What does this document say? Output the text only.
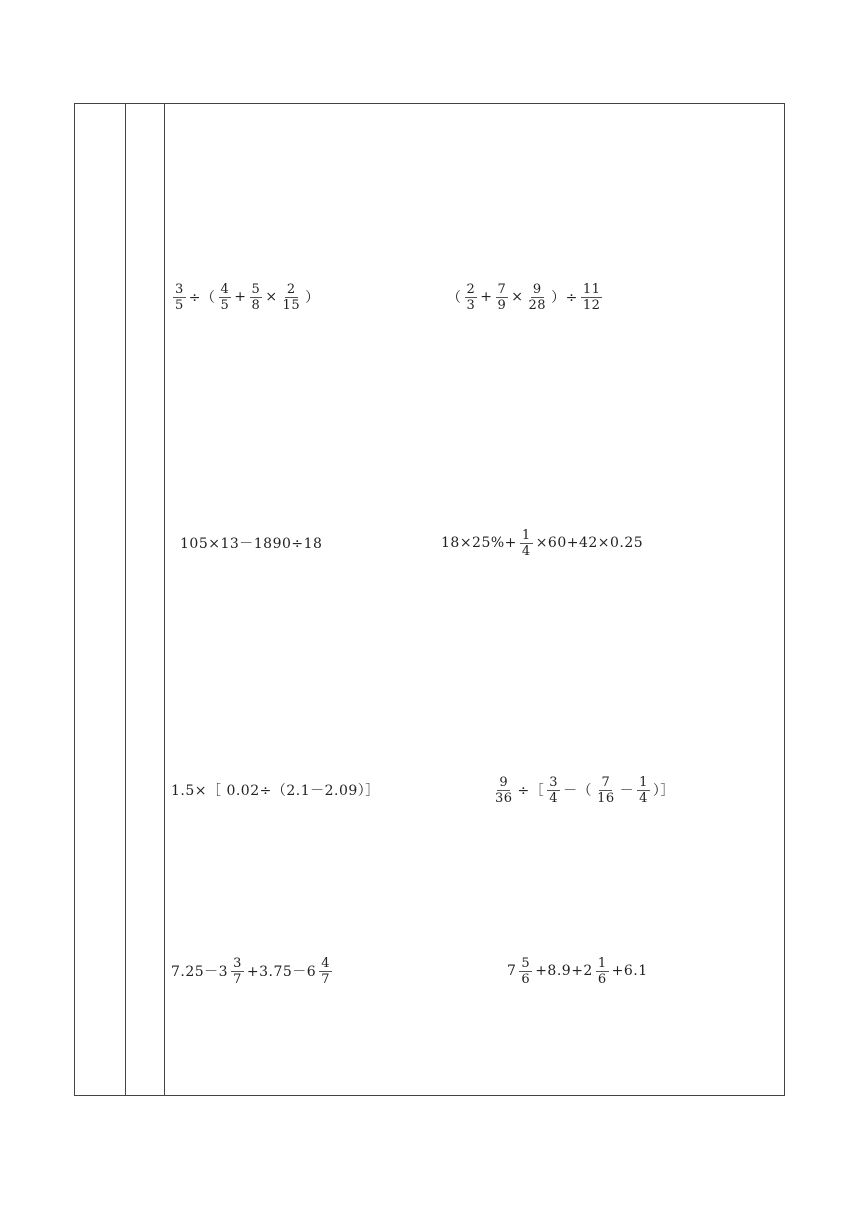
$\frac{3}{5}$ ÷（ $\frac{4}{5} + \frac{5}{8} \times \frac{2}{15}$ ）	（ $\frac{2}{3} + \frac{7}{9} \times \frac{9}{28}$ ）÷ $\frac{11}{12}$
105×13－1890÷18	$18\times 25\%+ \frac{1}{4} \times 60+42\times 0.25$
1.5×［ 0.02÷（2.1－2.09）］	$\frac{9}{36}$ ÷［ $\frac{3}{4}$ －（ $\frac{7}{16} - \frac{1}{4}$ ）］
$7.25-3 \frac{3}{7} +3.75-6 \frac{4}{7}$	$7 \frac{5}{6} +8.9+2 \frac{1}{6} +6.1$
